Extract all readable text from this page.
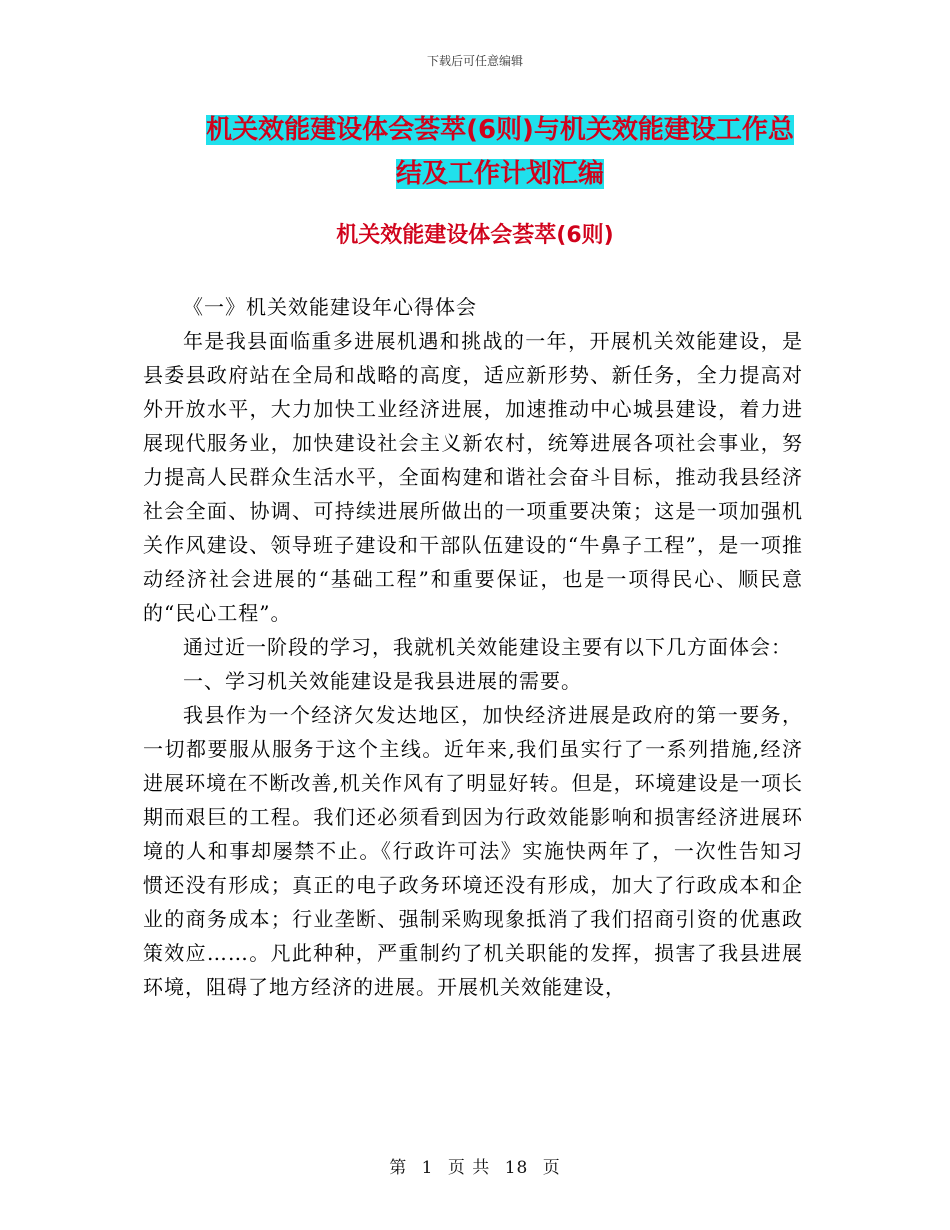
下载后可任意编辑
机关效能建设体会荟萃(6则)与机关效能建设工作总
结及工作计划汇编
机关效能建设体会荟萃(6则)

《一》机关效能建设年心得体会

年是我县面临重多进展机遇和挑战的一年，开展机关效能建设，是县委县政府站在全局和战略的高度，适应新形势、新任务，全力提高对外开放水平，大力加快工业经济进展，加速推动中心城县建设，着力进展现代服务业，加快建设社会主义新农村，统筹进展各项社会事业，努力提高人民群众生活水平，全面构建和谐社会奋斗目标，推动我县经济社会全面、协调、可持续进展所做出的一项重要决策；这是一项加强机关作风建设、领导班子建设和干部队伍建设的“牛鼻子工程”，是一项推动经济社会进展的“基础工程”和重要保证，也是一项得民心、顺民意的“民心工程”。

通过近一阶段的学习，我就机关效能建设主要有以下几方面体会：

一、学习机关效能建设是我县进展的需要。

我县作为一个经济欠发达地区，加快经济进展是政府的第一要务，一切都要服从服务于这个主线。近年来,我们虽实行了一系列措施,经济进展环境在不断改善,机关作风有了明显好转。但是，环境建设是一项长期而艰巨的工程。我们还必须看到因为行政效能影响和损害经济进展环境的人和事却屡禁不止。《行政许可法》实施快两年了，一次性告知习惯还没有形成；真正的电子政务环境还没有形成，加大了行政成本和企业的商务成本；行业垄断、强制采购现象抵消了我们招商引资的优惠政策效应……。凡此种种，严重制约了机关职能的发挥，损害了我县进展环境，阻碍了地方经济的进展。开展机关效能建设，

第 1 页 共 18 页
